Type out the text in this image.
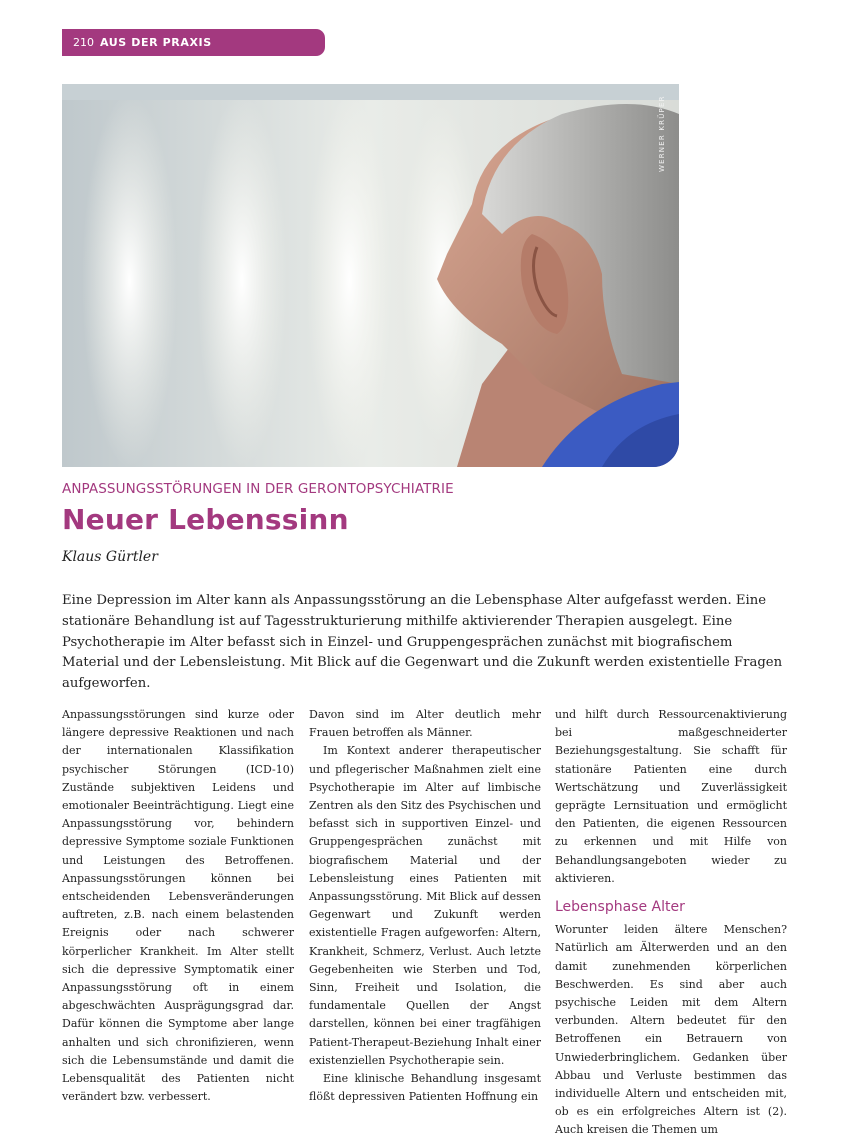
210 AUS DER PRAXIS
WERNER KRÜPER
ANPASSUNGSSTÖRUNGEN IN DER GERONTOPSYCHIATRIE
Neuer Lebenssinn
Klaus Gürtler

Eine Depression im Alter kann als Anpassungsstörung an die Lebensphase Alter aufgefasst werden. Eine stationäre Behandlung ist auf Tagesstrukturierung mithilfe aktivierender Therapien ausgelegt. Eine Psychotherapie im Alter befasst sich in Einzel- und Gruppengesprächen zunächst mit biografischem Material und der Lebensleistung. Mit Blick auf die Gegenwart und die Zukunft werden existentielle Fragen aufgeworfen.

Anpassungsstörungen sind kurze oder längere depressive Reaktionen und nach der internationalen Klassifikation psychischer Störungen (ICD-10) Zustände subjektiven Leidens und emotionaler Beeinträchtigung. Liegt eine Anpassungsstörung vor, behindern depressive Symptome soziale Funktionen und Leistungen des Betroffenen. Anpassungsstörungen können bei entscheidenden Lebensveränderungen auftreten, z.B. nach einem belastenden Ereignis oder nach schwerer körperlicher Krankheit. Im Alter stellt sich die depressive Symptomatik einer Anpassungsstörung oft in einem abgeschwächten Ausprägungsgrad dar. Dafür können die Symptome aber lange anhalten und sich chronifizieren, wenn sich die Lebensumstände und damit die Lebensqualität des Patienten nicht verändert bzw. verbessert.

Davon sind im Alter deutlich mehr Frauen betroffen als Männer.

Im Kontext anderer therapeutischer und pflegerischer Maßnahmen zielt eine Psychotherapie im Alter auf limbische Zentren als den Sitz des Psychischen und befasst sich in supportiven Einzel- und Gruppengesprächen zunächst mit biografischem Material und der Lebensleistung eines Patienten mit Anpassungsstörung. Mit Blick auf dessen Gegenwart und Zukunft werden existentielle Fragen aufgeworfen: Altern, Krankheit, Schmerz, Verlust. Auch letzte Gegebenheiten wie Sterben und Tod, Sinn, Freiheit und Isolation, die fundamentale Quellen der Angst darstellen, können bei einer tragfähigen Patient-Therapeut-Beziehung Inhalt einer existenziellen Psychotherapie sein.

Eine klinische Behandlung insgesamt flößt depressiven Patienten Hoffnung ein

und hilft durch Ressourcenaktivierung bei maßgeschneiderter Beziehungsgestaltung. Sie schafft für stationäre Patienten eine durch Wertschätzung und Zuverlässigkeit geprägte Lernsituation und ermöglicht den Patienten, die eigenen Ressourcen zu erkennen und mit Hilfe von Behandlungsangeboten wieder zu aktivieren.

Lebensphase Alter

Worunter leiden ältere Menschen? Natürlich am Älterwerden und an den damit zunehmenden körperlichen Beschwerden. Es sind aber auch psychische Leiden mit dem Altern verbunden. Altern bedeutet für den Betroffenen ein Betrauern von Unwiederbringlichem. Gedanken über Abbau und Verluste bestimmen das individuelle Altern und entscheiden mit, ob es ein erfolgreiches Altern ist (2). Auch kreisen die Themen um
